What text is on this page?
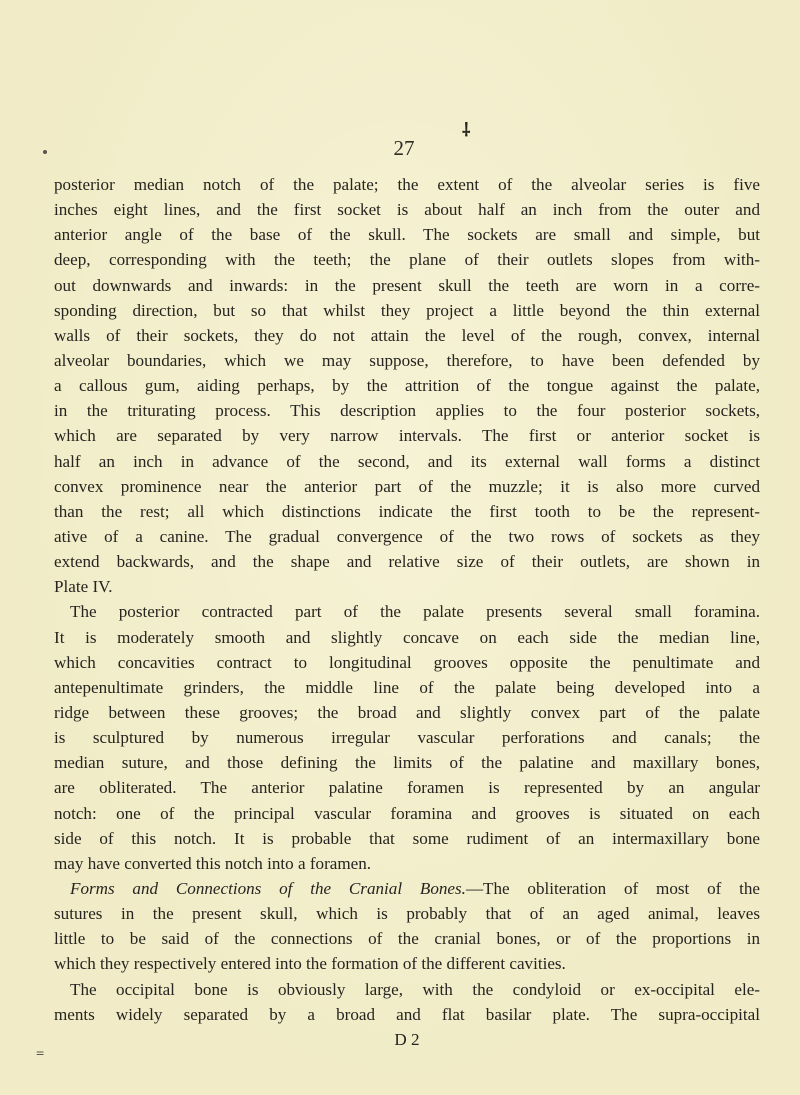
⸸
27
posterior median notch of the palate; the extent of the alveolar series is five
inches eight lines, and the first socket is about half an inch from the outer and
anterior angle of the base of the skull. The sockets are small and simple, but
deep, corresponding with the teeth; the plane of their outlets slopes from with-
out downwards and inwards: in the present skull the teeth are worn in a corre-
sponding direction, but so that whilst they project a little beyond the thin external
walls of their sockets, they do not attain the level of the rough, convex, internal
alveolar boundaries, which we may suppose, therefore, to have been defended by
a callous gum, aiding perhaps, by the attrition of the tongue against the palate,
in the triturating process. This description applies to the four posterior sockets,
which are separated by very narrow intervals. The first or anterior socket is
half an inch in advance of the second, and its external wall forms a distinct
convex prominence near the anterior part of the muzzle; it is also more curved
than the rest; all which distinctions indicate the first tooth to be the represent-
ative of a canine. The gradual convergence of the two rows of sockets as they
extend backwards, and the shape and relative size of their outlets, are shown in
Plate IV.
The posterior contracted part of the palate presents several small foramina.
It is moderately smooth and slightly concave on each side the median line,
which concavities contract to longitudinal grooves opposite the penultimate and
antepenultimate grinders, the middle line of the palate being developed into a
ridge between these grooves; the broad and slightly convex part of the palate
is sculptured by numerous irregular vascular perforations and canals; the
median suture, and those defining the limits of the palatine and maxillary bones,
are obliterated. The anterior palatine foramen is represented by an angular
notch: one of the principal vascular foramina and grooves is situated on each
side of this notch. It is probable that some rudiment of an intermaxillary bone
may have converted this notch into a foramen.
Forms and Connections of the Cranial Bones.—The obliteration of most of the
sutures in the present skull, which is probably that of an aged animal, leaves
little to be said of the connections of the cranial bones, or of the proportions in
which they respectively entered into the formation of the different cavities.
The occipital bone is obviously large, with the condyloid or ex-occipital ele-
ments widely separated by a broad and flat basilar plate. The supra-occipital
D 2
᐀
